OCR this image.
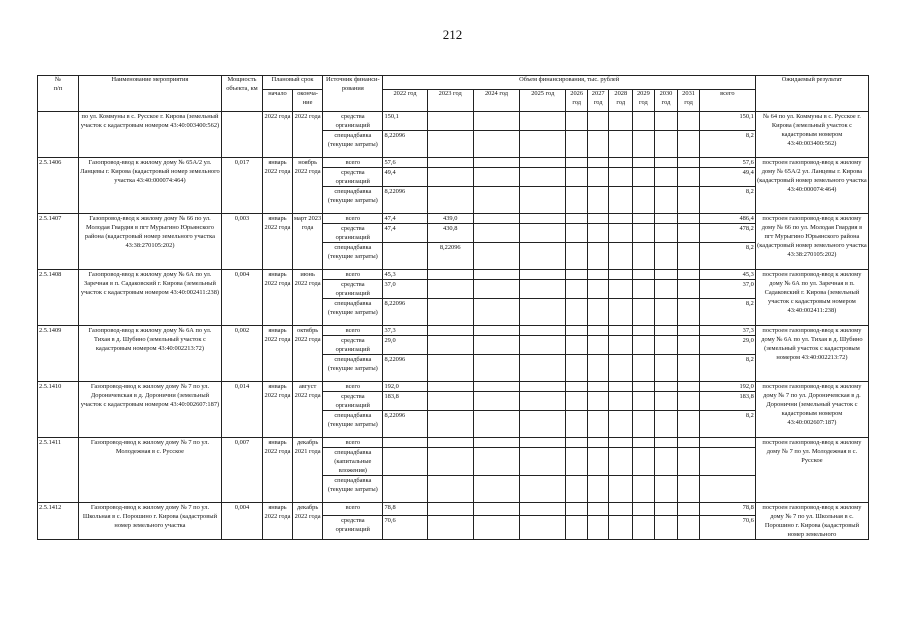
212
№
п/п	Наименование мероприятия	Мощность объекта, км	Плановый срок		Источник финанси-рования	Объем финансирования, тыс. рублей											Ожидаемый результат
			начало	оконча-ние		2022 год	2023 год	2024 год	2025 год	2026 год	2027 год	2028 год	2029 год	2030 год	2031 год	всего	
	по ул. Коммуны в с. Русское г. Кирова (земельный участок с кадастровым номером 43:40:003400:562)		2022 года	2022 года	средства организаций	150,1										150,1	№ 64 по ул. Коммуны в с. Русское г. Кирова (земельный участок с кадастровым номером 43:40:003400:562)
					спецнадбавка (текущие затраты)	8,22096										8,2	
2.5.1406	Газопровод-ввод к жилому дому № 65А/2 ул. Ланцевы г. Кирова (кадастровый номер земельного участка 43:40:000074:464)	0,017	январь 2022 года	ноябрь 2022 года	всего	57,6										57,6	построен газопровод-ввод к жилому дому № 65А/2 ул. Ланцевы г. Кирова (кадастровый номер земельного участка 43:40:000074:464)
					средства организаций	49,4										49,4	
					спецнадбавка (текущие затраты)	8,22096										8,2	
2.5.1407	Газопровод-ввод к жилому дому № 66 по ул. Молодая Гвардия в пгт Мурыгино Юрьянского района (кадастровый номер земельного участка 43:38:270105:202)	0,003	январь 2022 года	март 2023 года	всего	47,4	439,0									486,4	построен газопровод-ввод к жилому дому № 66 по ул. Молодая Гвардия в пгт Мурыгино Юрьянского района (кадастровый номер земельного участка 43:38:270105:202)
					средства организаций	47,4	430,8									478,2	
					спецнадбавка (текущие затраты)		8,22096									8,2	
2.5.1408	Газопровод-ввод к жилому дому № 6А по ул. Заречная в п. Садаковский г. Кирова (земельный участок с кадастровым номером 43:40:002411:238)	0,004	январь 2022 года	июнь 2022 года	всего	45,3										45,3	построен газопровод-ввод к жилому дому № 6А по ул. Заречная в п. Садаковский г. Кирова (земельный участок с кадастровым номером 43:40:002411:238)
					средства организаций	37,0										37,0	
					спецнадбавка (текущие затраты)	8,22096										8,2	
2.5.1409	Газопровод-ввод к жилому дому № 6А по ул. Тихая в д. Шубино (земельный участок с кадастровым номером 43:40:002213:72)	0,002	январь 2022 года	октябрь 2022 года	всего	37,3										37,3	построен газопровод-ввод к жилому дому № 6А по ул. Тихая в д. Шубино (земельный участок с кадастровым номером 43:40:002213:72)
					средства организаций	29,0										29,0	
					спецнадбавка (текущие затраты)	8,22096										8,2	
2.5.1410	Газопровод-ввод к жилому дому № 7 по ул. Дороничевская в д. Доронични (земельный участок с кадастровым номером 43:40:002607:187)	0,014	январь 2022 года	август 2022 года	всего	192,0										192,0	построен газопровод-ввод к жилому дому № 7 по ул. Дороничевская в д. Доронични (земельный участок с кадастровым номером 43:40:002607:187)
					средства организаций	183,8										183,8	
					спецнадбавка (текущие затраты)	8,22096										8,2	
2.5.1411	Газопровод-ввод к жилому дому № 7 по ул. Молодежная в с. Русское	0,007	январь 2022 года	декабрь 2021 года	всего												построен газопровод-ввод к жилому дому № 7 по ул. Молодежная в с. Русское
					спецнадбавка (капитальные вложения)												
					спецнадбавка (текущие затраты)												
2.5.1412	Газопровод-ввод к жилому дому № 7 по ул. Школьная в с. Порошино г. Кирова (кадастровый номер земельного участка	0,004	январь 2022 года	декабрь 2022 года	всего	78,8										78,8	построен газопровод-ввод к жилому дому № 7 по ул. Школьная в с. Порошино г. Кирова (кадастровый номер земельного
					средства организаций	70,6										70,6	
